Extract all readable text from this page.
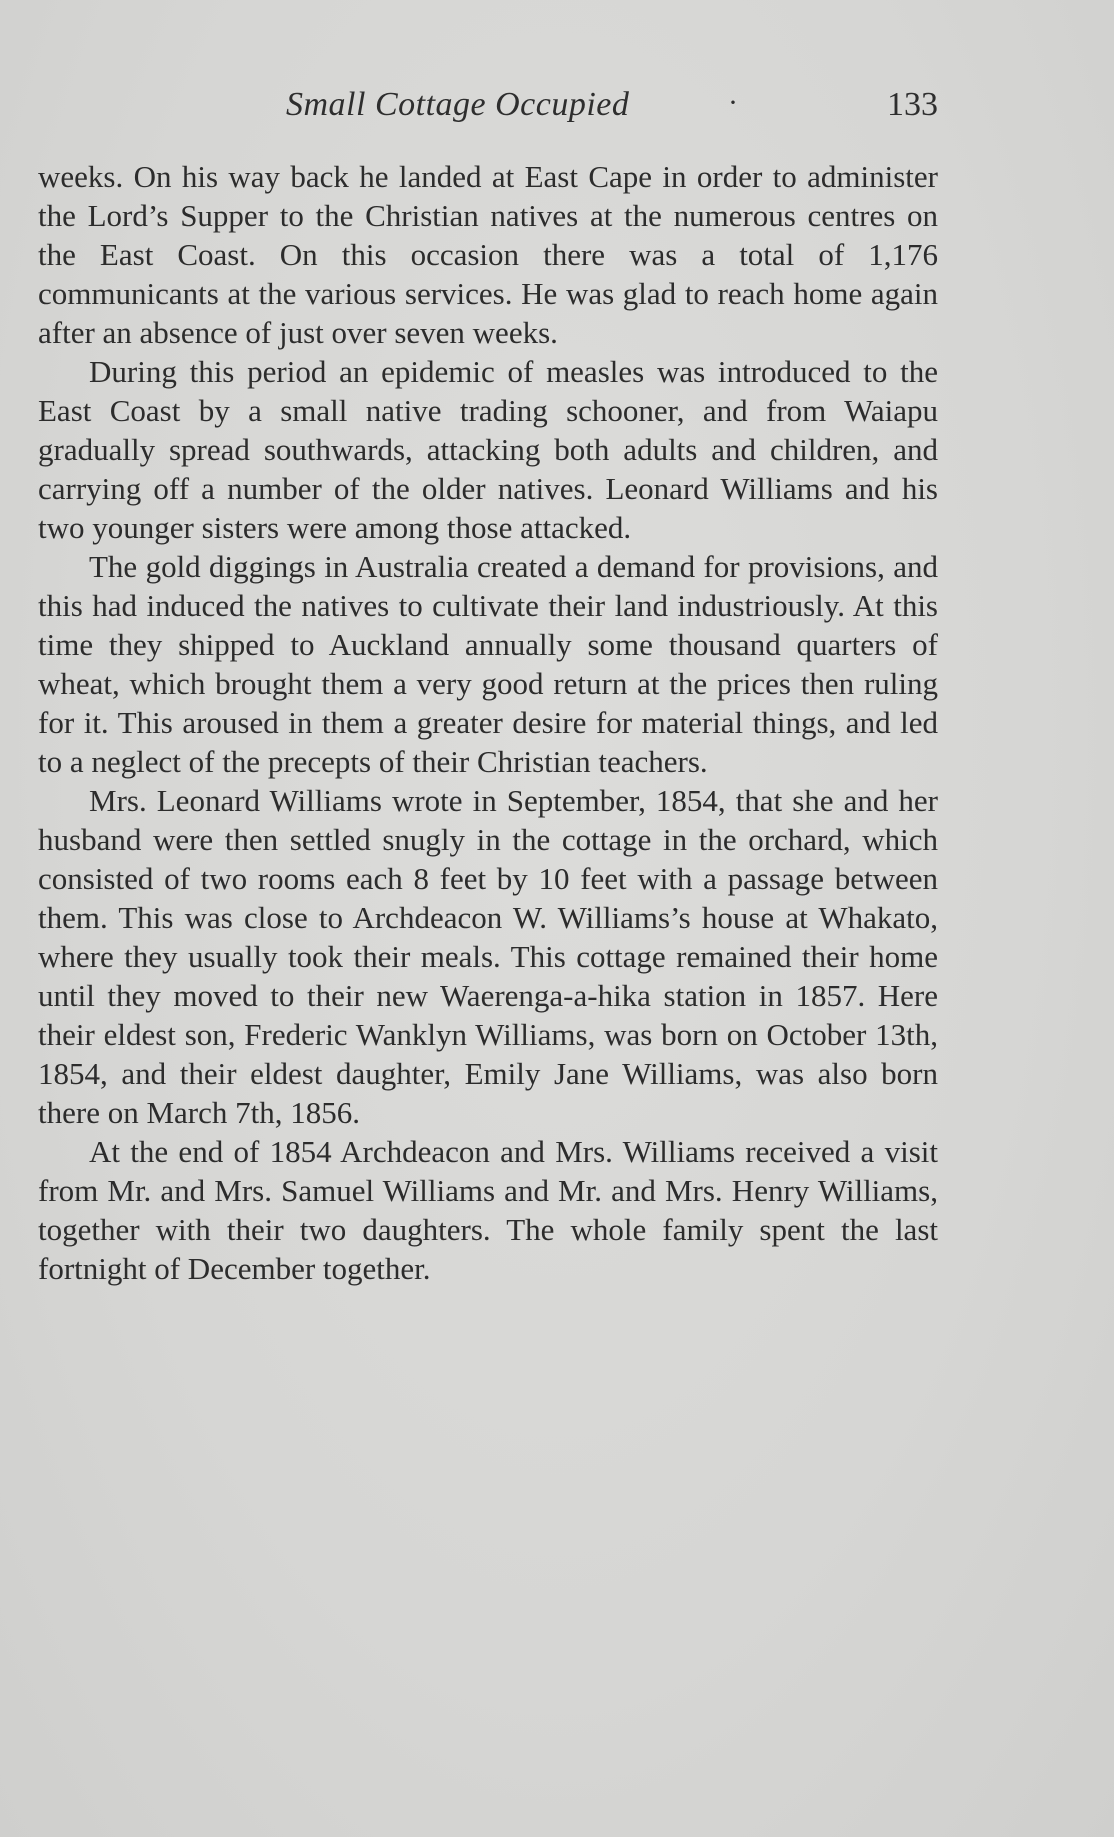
Small Cottage Occupied	·	133

weeks. On his way back he landed at East Cape in order to administer the Lord’s Supper to the Christian natives at the numerous centres on the East Coast. On this occasion there was a total of 1,176 communicants at the various services. He was glad to reach home again after an absence of just over seven weeks.

During this period an epidemic of measles was introduced to the East Coast by a small native trading schooner, and from Waiapu gradually spread southwards, attacking both adults and children, and carrying off a number of the older natives. Leonard Williams and his two younger sisters were among those attacked.

The gold diggings in Australia created a demand for provisions, and this had induced the natives to cultivate their land industriously. At this time they shipped to Auckland annually some thousand quarters of wheat, which brought them a very good return at the prices then ruling for it. This aroused in them a greater desire for material things, and led to a neglect of the precepts of their Christian teachers.

Mrs. Leonard Williams wrote in September, 1854, that she and her husband were then settled snugly in the cottage in the orchard, which consisted of two rooms each 8 feet by 10 feet with a passage between them. This was close to Archdeacon W. Williams’s house at Whakato, where they usually took their meals. This cottage remained their home until they moved to their new Waerenga-a-hika station in 1857. Here their eldest son, Frederic Wanklyn Williams, was born on October 13th, 1854, and their eldest daughter, Emily Jane Williams, was also born there on March 7th, 1856.

At the end of 1854 Archdeacon and Mrs. Williams received a visit from Mr. and Mrs. Samuel Williams and Mr. and Mrs. Henry Williams, together with their two daughters. The whole family spent the last fortnight of December together.
